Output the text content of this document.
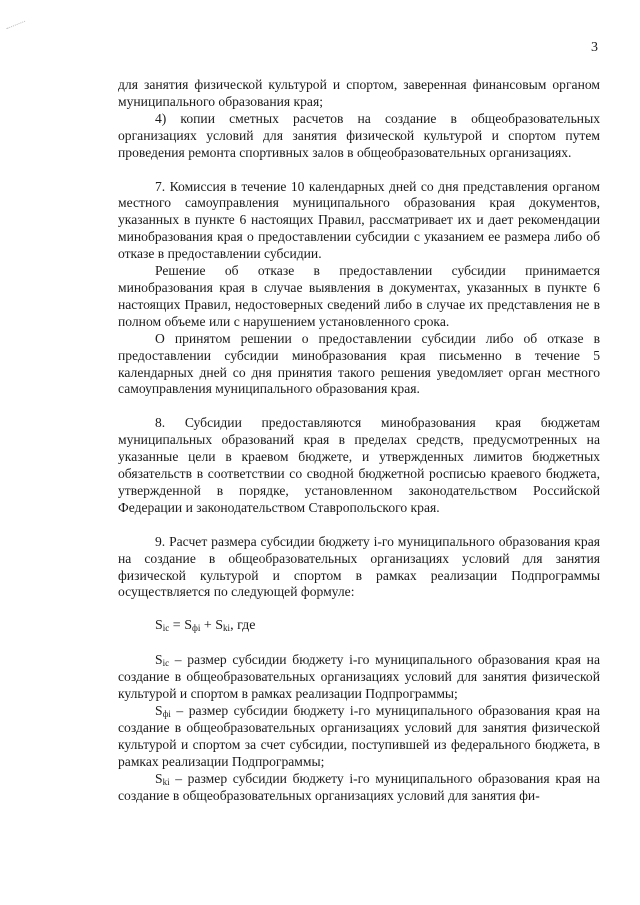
3

для занятия физической культурой и спортом, заверенная финансовым органом муниципального образования края;

4) копии сметных расчетов на создание в общеобразовательных организациях условий для занятия физической культурой и спортом путем проведения ремонта спортивных залов в общеобразовательных организациях.

7. Комиссия в течение 10 календарных дней со дня представления органом местного самоуправления муниципального образования края документов, указанных в пункте 6 настоящих Правил, рассматривает их и дает рекомендации минобразования края о предоставлении субсидии с указанием ее размера либо об отказе в предоставлении субсидии.

Решение об отказе в предоставлении субсидии принимается минобразования края в случае выявления в документах, указанных в пункте 6 настоящих Правил, недостоверных сведений либо в случае их представления не в полном объеме или с нарушением установленного срока.

О принятом решении о предоставлении субсидии либо об отказе в предоставлении субсидии минобразования края письменно в течение 5 календарных дней со дня принятия такого решения уведомляет орган местного самоуправления муниципального образования края.

8. Субсидии предоставляются минобразования края бюджетам муниципальных образований края в пределах средств, предусмотренных на указанные цели в краевом бюджете, и утвержденных лимитов бюджетных обязательств в соответствии со сводной бюджетной росписью краевого бюджета, утвержденной в порядке, установленном законодательством Российской Федерации и законодательством Ставропольского края.

9. Расчет размера субсидии бюджету i-го муниципального образования края на создание в общеобразовательных организациях условий для занятия физической культурой и спортом в рамках реализации Подпрограммы осуществляется по следующей формуле:

$S_{ic} = S_{фi} + S_{ki}$, где

$S_{ic}$ – размер субсидии бюджету i-го муниципального образования края на создание в общеобразовательных организациях условий для занятия физической культурой и спортом в рамках реализации Подпрограммы;

$S_{фi}$ – размер субсидии бюджету i-го муниципального образования края на создание в общеобразовательных организациях условий для занятия физической культурой и спортом за счет субсидии, поступившей из федерального бюджета, в рамках реализации Подпрограммы;

$S_{ki}$ – размер субсидии бюджету i-го муниципального образования края на создание в общеобразовательных организациях условий для занятия фи-
